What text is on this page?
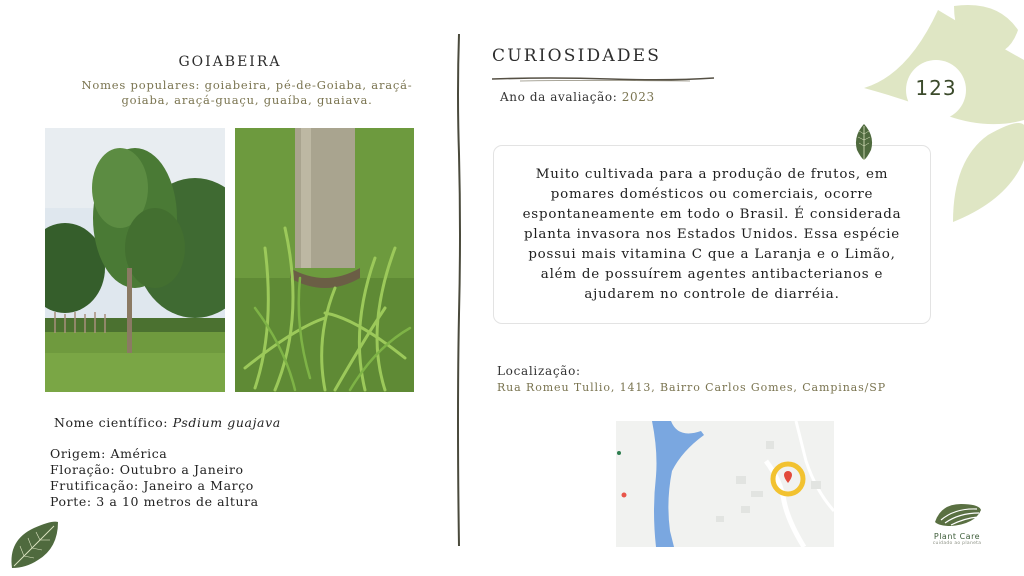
GOIABEIRA
Nomes populares: goiabeira, pé-de-Goiaba, araçá-goiaba, araçá-guaçu, guaíba, guaiava.
Nome científico: Psdium guajava
Origem: América
Floração: Outubro a Janeiro
Frutificação: Janeiro a Março
Porte: 3 a 10 metros de altura
CURIOSIDADES
Ano da avaliação: 2023

Muito cultivada para a produção de frutos, em pomares domésticos ou comerciais, ocorre espontaneamente em todo o Brasil. É considerada planta invasora nos Estados Unidos. Essa espécie possui mais vitamina C que a Laranja e o Limão, além de possuírem agentes antibacterianos e ajudarem no controle de diarréia.

Localização:
Rua Romeu Tullio, 1413, Bairro Carlos Gomes, Campinas/SP
123
Plant Care
cuidado ao planeta
